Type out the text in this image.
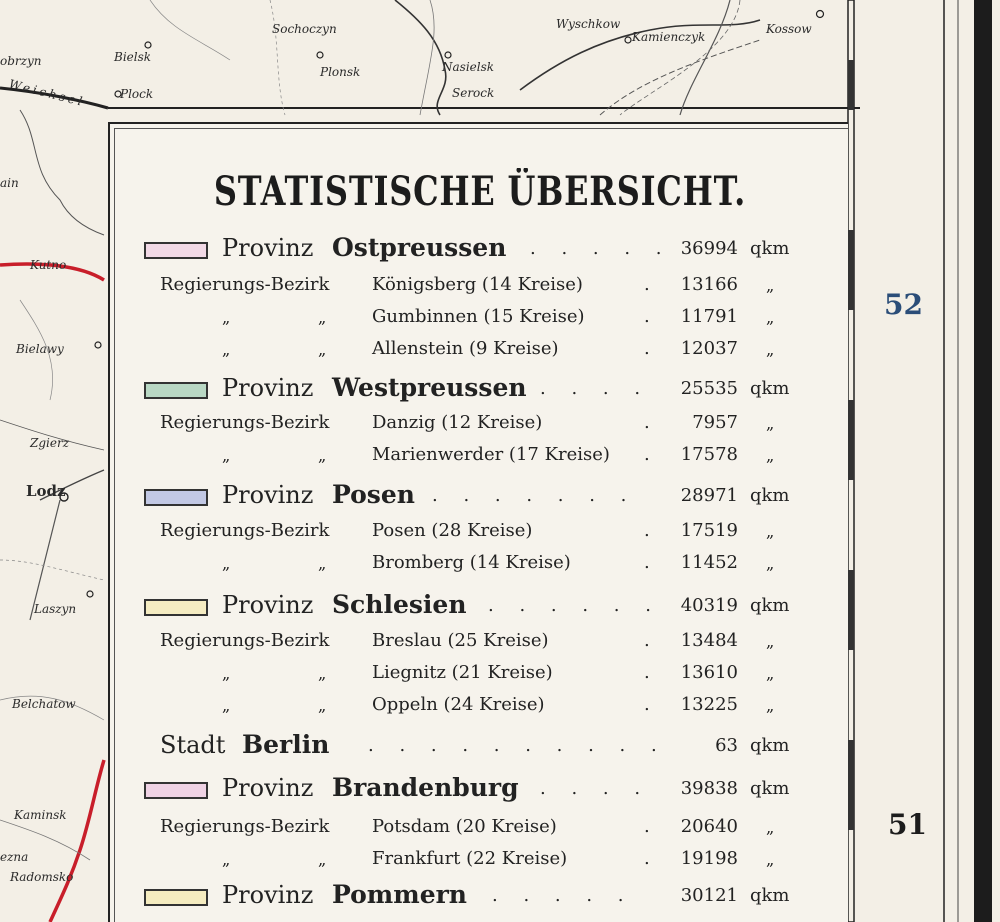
obrzyn	Bielsk
Plock
Weichsel
Sochoczyn
Plonsk	Nasielsk
Serock
Wyschkow
Kamienczyk
Kossow
ain
Kutno
Bielawy
Zgierz
Lodz
Laszyn
Belchatow
Kaminsk
ezna
Radomsko
52
51
STATISTISCHE ÜBERSICHT.
Provinz Ostpreussen . . . . . 36994 qkm
Regierungs-Bezirk Königsberg (14 Kreise)	.	13166 „
„	„	Gumbinnen (15 Kreise)	.	11791 „
„	„	Allenstein (9 Kreise)	.	12037 „
Provinz Westpreussen . . . .	25535 qkm
Regierungs-Bezirk Danzig (12 Kreise)	.	7957 „
„	„	Marienwerder (17 Kreise) .	17578 „
Provinz Posen . . . . . . .	28971 qkm
Regierungs-Bezirk Posen (28 Kreise)	.	17519 „
„	„	Bromberg (14 Kreise)	.	11452 „
Provinz Schlesien . . . . . .	40319 qkm
Regierungs-Bezirk Breslau (25 Kreise)	.	13484 „
„	„	Liegnitz (21 Kreise)	.	13610 „
„	„	Oppeln (24 Kreise)	.	13225 „
Stadt Berlin . . . . . . . . . .	63 qkm
Provinz Brandenburg . . . .	39838 qkm
Regierungs-Bezirk Potsdam (20 Kreise)	.	20640 „
„	„	Frankfurt (22 Kreise)	.	19198 „
Provinz Pommern . . . . .	30121 qkm
